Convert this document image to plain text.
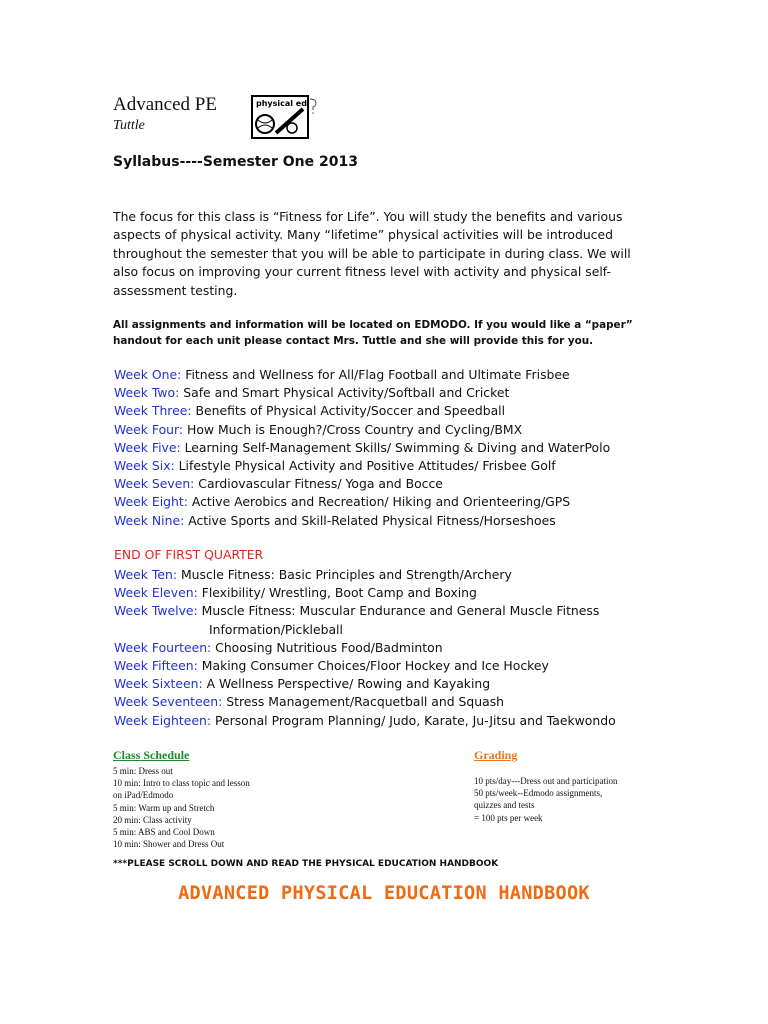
Advanced PE
Tuttle
physical ed
Syllabus----Semester One 2013

The focus for this class is “Fitness for Life”. You will study the benefits and various

aspects of physical activity. Many “lifetime” physical activities will be introduced

throughout the semester that you will be able to participate in during class. We will

also focus on improving your current fitness level with activity and physical self-

assessment testing.

All assignments and information will be located on EDMODO. If you would like a “paper”

handout for each unit please contact Mrs. Tuttle and she will provide this for you.

Week One: Fitness and Wellness for All/Flag Football and Ultimate Frisbee
Week Two: Safe and Smart Physical Activity/Softball and Cricket
Week Three: Benefits of Physical Activity/Soccer and Speedball
Week Four: How Much is Enough?/Cross Country and Cycling/BMX
Week Five: Learning Self-Management Skills/ Swimming & Diving and WaterPolo
Week Six: Lifestyle Physical Activity and Positive Attitudes/ Frisbee Golf
Week Seven: Cardiovascular Fitness/ Yoga and Bocce
Week Eight: Active Aerobics and Recreation/ Hiking and Orienteering/GPS
Week Nine: Active Sports and Skill-Related Physical Fitness/Horseshoes
END OF FIRST QUARTER
Week Ten: Muscle Fitness: Basic Principles and Strength/Archery
Week Eleven: Flexibility/ Wrestling, Boot Camp and Boxing
Week Twelve: Muscle Fitness: Muscular Endurance and General Muscle Fitness
Information/Pickleball
Week Fourteen: Choosing Nutritious Food/Badminton
Week Fifteen: Making Consumer Choices/Floor Hockey and Ice Hockey
Week Sixteen: A Wellness Perspective/ Rowing and Kayaking
Week Seventeen: Stress Management/Racquetball and Squash
Week Eighteen: Personal Program Planning/ Judo, Karate, Ju-Jitsu and Taekwondo
Class Schedule
5 min: Dress out
10 min: Intro to class topic and lesson
on iPad/Edmodo
5 min: Warm up and Stretch
20 min: Class activity
5 min: ABS and Cool Down
10 min: Shower and Dress Out
Grading
10 pts/day---Dress out and participation
50 pts/week--Edmodo assignments,
quizzes and tests
= 100 pts per week
***PLEASE SCROLL DOWN AND READ THE PHYSICAL EDUCATION HANDBOOK
ADVANCED PHYSICAL EDUCATION HANDBOOK
